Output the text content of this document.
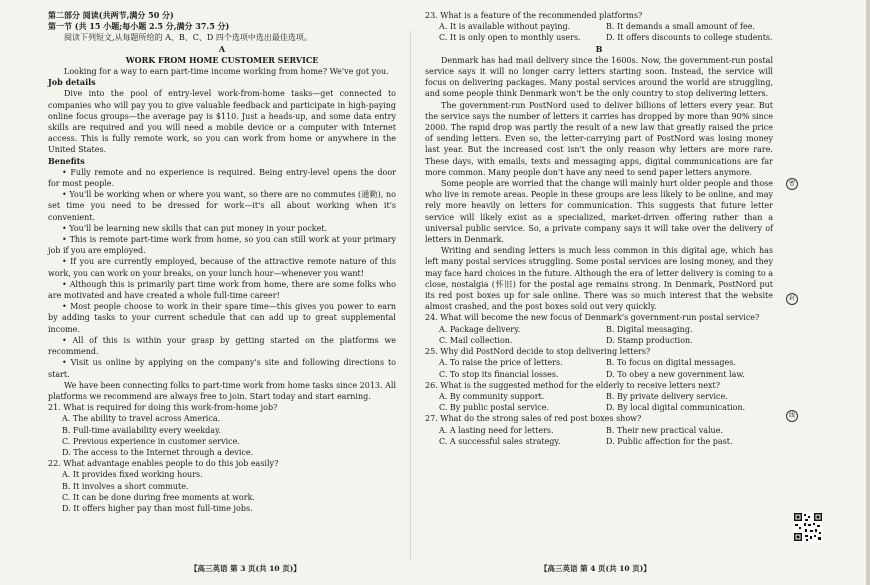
第二部分 阅读(共两节,满分 50 分)

第一节 (共 15 小题;每小题 2.5 分,满分 37.5 分)

阅读下列短文,从每题所给的 A、B、C、D 四个选项中选出最佳选项。

A

WORK FROM HOME CUSTOMER SERVICE

Looking for a way to earn part-time income working from home? We've got you.

Job details

Dive into the pool of entry-level work-from-home tasks—get connected to companies who will pay you to give valuable feedback and participate in high-paying online focus groups—the average pay is $110. Just a heads-up, and some data entry skills are required and you will need a mobile device or a computer with Internet access. This is fully remote work, so you can work from home or anywhere in the United States.

Benefits

• Fully remote and no experience is required. Being entry-level opens the door for most people.

• You'll be working when or where you want, so there are no commutes (通勤), no set time you need to be dressed for work—it's all about working when it's convenient.

• You'll be learning new skills that can put money in your pocket.

• This is remote part-time work from home, so you can still work at your primary job if you are employed.

• If you are currently employed, because of the attractive remote nature of this work, you can work on your breaks, on your lunch hour—whenever you want!

• Although this is primarily part time work from home, there are some folks who are motivated and have created a whole full-time career!

• Most people choose to work in their spare time—this gives you power to earn by adding tasks to your current schedule that can add up to great supplemental income.

• All of this is within your grasp by getting started on the platforms we recommend.

• Visit us online by applying on the company's site and following directions to start.

We have been connecting folks to part-time work from home tasks since 2013. All platforms we recommend are always free to join. Start today and start earning.

21. What is required for doing this work-from-home job?

A. The ability to travel across America.

B. Full-time availability every weekday.

C. Previous experience in customer service.

D. The access to the Internet through a device.

22. What advantage enables people to do this job easily?

A. It provides fixed working hours.

B. It involves a short commute.

C. It can be done during free moments at work.

D. It offers higher pay than most full-time jobs.

23. What is a feature of the recommended platforms?

A. It is available without paying.	B. It demands a small amount of fee.

C. It is only open to monthly users.	D. It offers discounts to college students.

B

Denmark has had mail delivery since the 1600s. Now, the government-run postal service says it will no longer carry letters starting soon. Instead, the service will focus on delivering packages. Many postal services around the world are struggling, and some people think Denmark won't be the only country to stop delivering letters.

The government-run PostNord used to deliver billions of letters every year. But the service says the number of letters it carries has dropped by more than 90% since 2000. The rapid drop was partly the result of a new law that greatly raised the price of sending letters. Even so, the letter-carrying part of PostNord was losing money last year. But the increased cost isn't the only reason why letters are more rare. These days, with emails, texts and messaging apps, digital communications are far more common. Many people don't have any need to send paper letters anymore.

Some people are worried that the change will mainly hurt older people and those who live in remote areas. People in these groups are less likely to be online, and may rely more heavily on letters for communication. This suggests that future letter service will likely exist as a specialized, market-driven offering rather than a universal public service. So, a private company says it will take over the delivery of letters in Denmark.

Writing and sending letters is much less common in this digital age, which has left many postal services struggling. Some postal services are losing money, and they may face hard choices in the future. Although the era of letter delivery is coming to a close, nostalgia (怀旧) for the postal age remains strong. In Denmark, PostNord put its red post boxes up for sale online. There was so much interest that the website almost crashed, and the post boxes sold out very quickly.

24. What will become the new focus of Denmark's government-run postal service?

A. Package delivery.	B. Digital messaging.

C. Mail collection.	D. Stamp production.

25. Why did PostNord decide to stop delivering letters?

A. To raise the price of letters.	B. To focus on digital messages.

C. To stop its financial losses.	D. To obey a new government law.

26. What is the suggested method for the elderly to receive letters next?

A. By community support.	B. By private delivery service.

C. By public postal service.	D. By local digital communication.

27. What do the strong sales of red post boxes show?

A. A lasting need for letters.	B. Their new practical value.

C. A successful sales strategy.	D. Public affection for the past.

【高三英语 第 3 页(共 10 页)】	【高三英语 第 4 页(共 10 页)】
密
封
线
